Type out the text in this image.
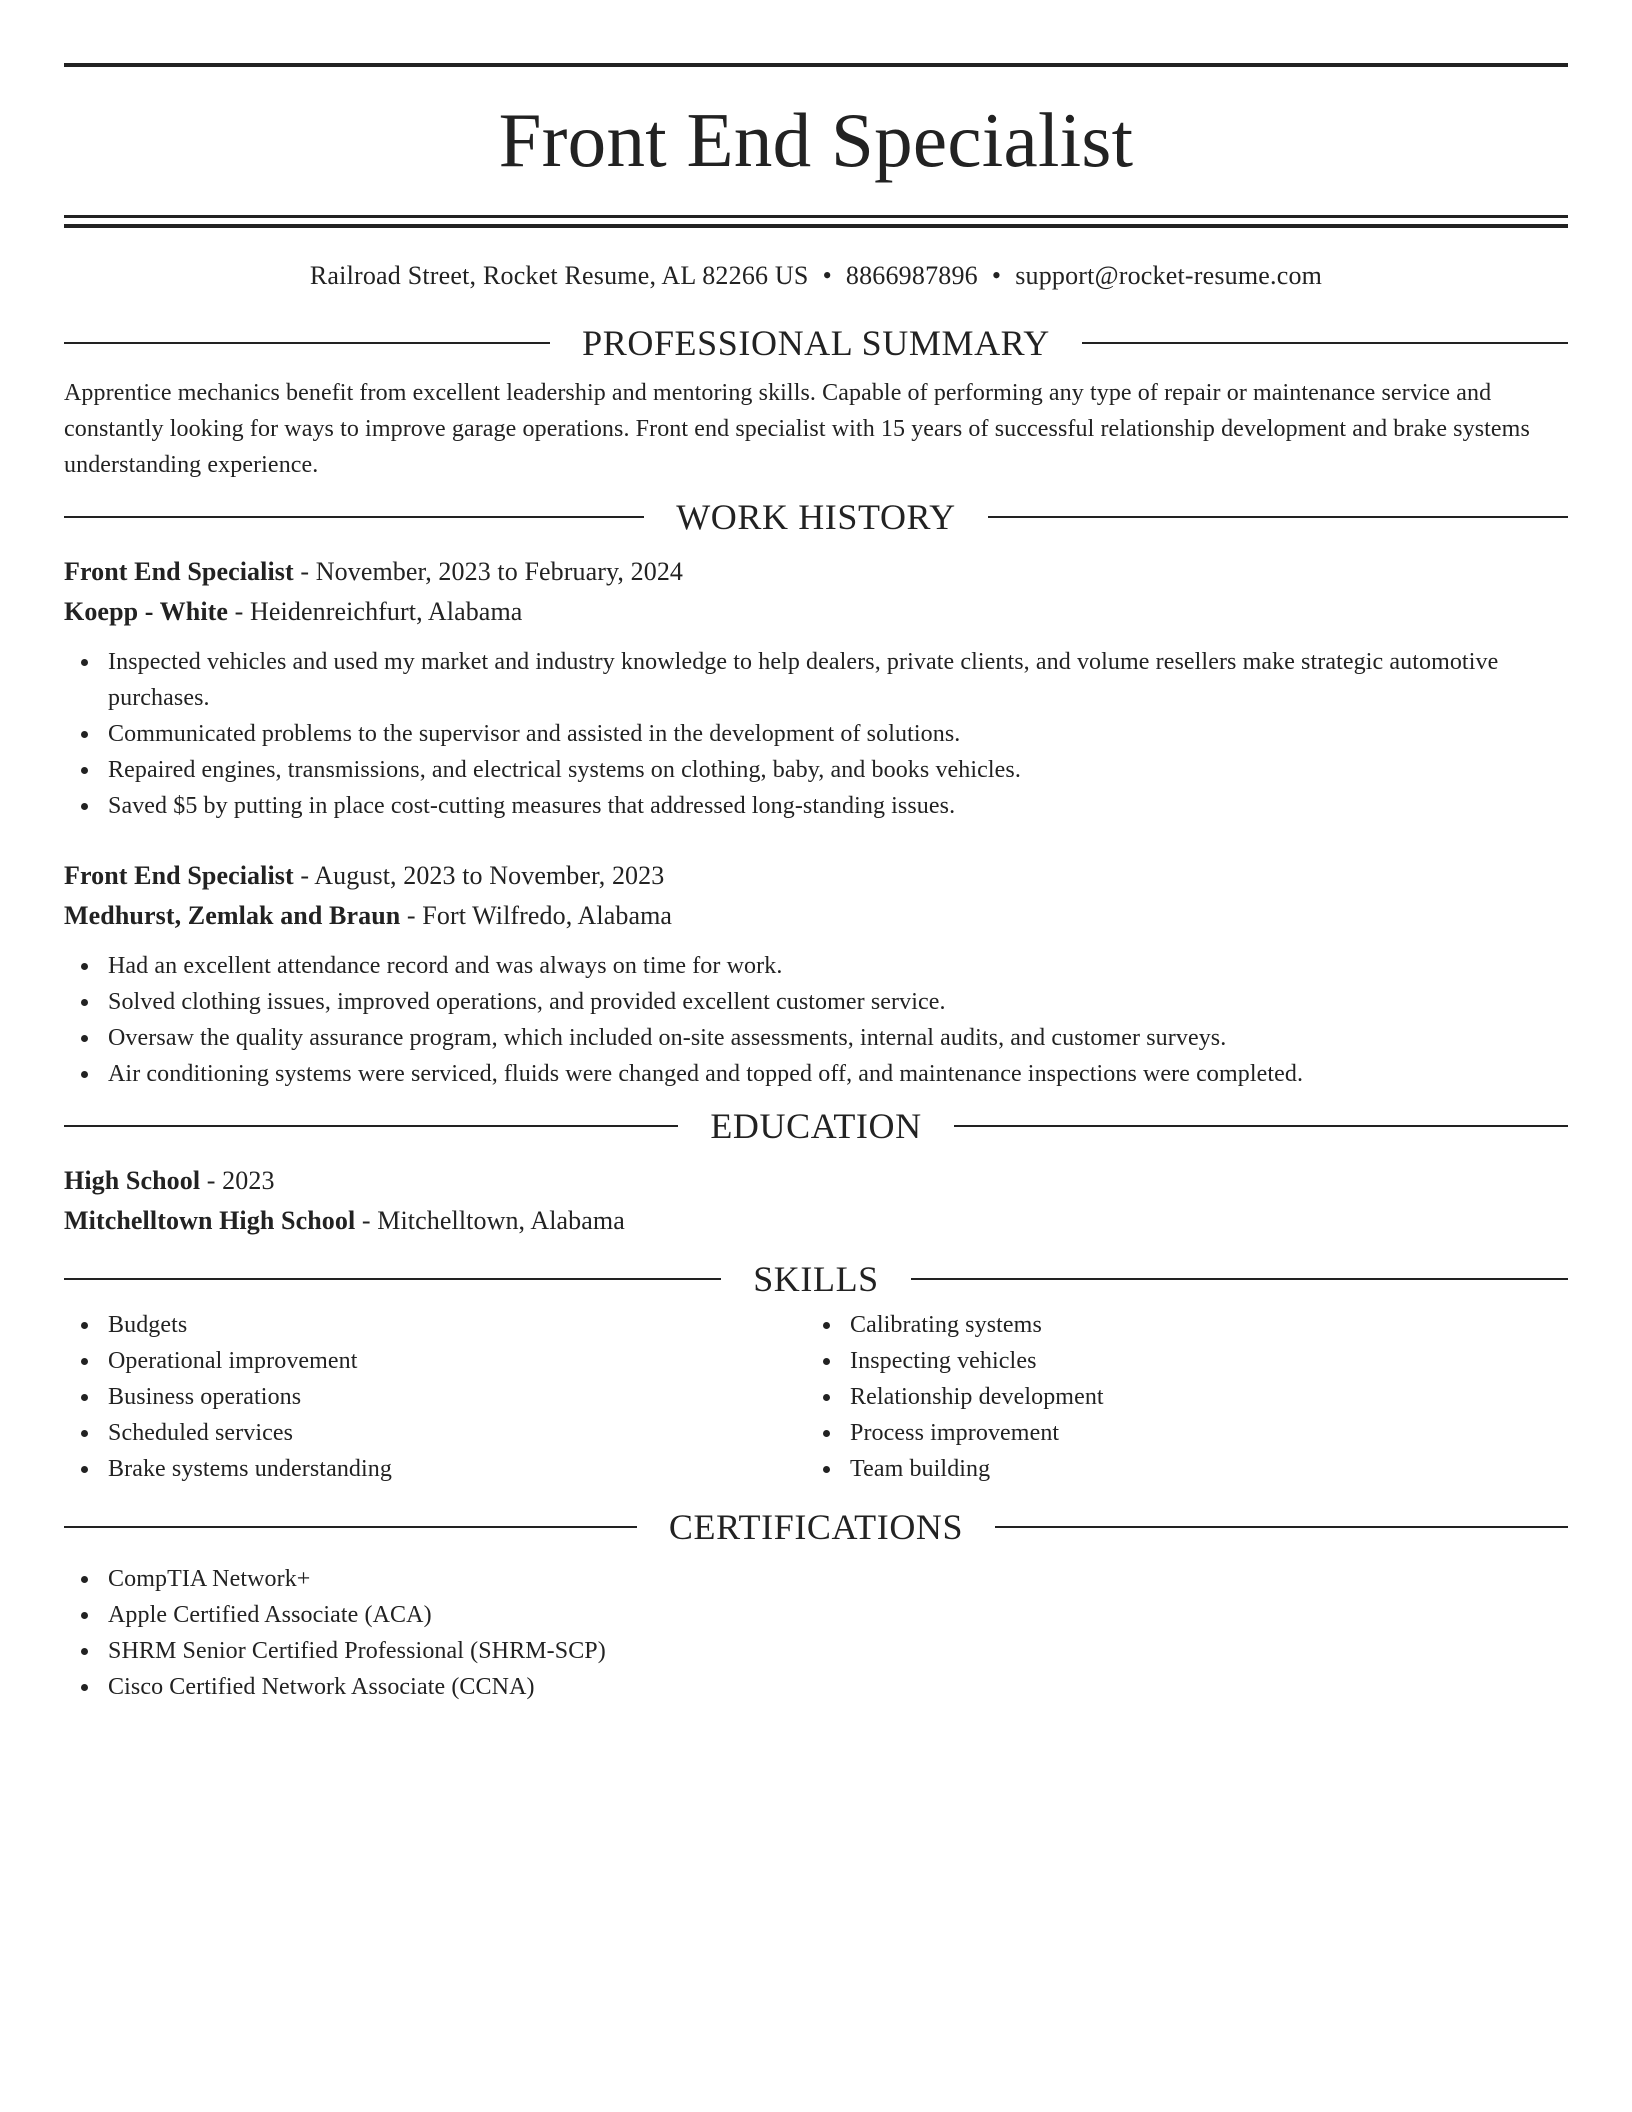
Front End Specialist
Railroad Street, Rocket Resume, AL 82266 US • 8866987896 • support@rocket-resume.com
PROFESSIONAL SUMMARY

Apprentice mechanics benefit from excellent leadership and mentoring skills. Capable of performing any type of repair or maintenance service and constantly looking for ways to improve garage operations. Front end specialist with 15 years of successful relationship development and brake systems understanding experience.

WORK HISTORY
Front End Specialist - November, 2023 to February, 2024
Koepp - White - Heidenreichfurt, Alabama
Inspected vehicles and used my market and industry knowledge to help dealers, private clients, and volume resellers make strategic automotive purchases.
Communicated problems to the supervisor and assisted in the development of solutions.
Repaired engines, transmissions, and electrical systems on clothing, baby, and books vehicles.
Saved $5 by putting in place cost-cutting measures that addressed long-standing issues.
Front End Specialist - August, 2023 to November, 2023
Medhurst, Zemlak and Braun - Fort Wilfredo, Alabama
Had an excellent attendance record and was always on time for work.
Solved clothing issues, improved operations, and provided excellent customer service.
Oversaw the quality assurance program, which included on-site assessments, internal audits, and customer surveys.
Air conditioning systems were serviced, fluids were changed and topped off, and maintenance inspections were completed.
EDUCATION
High School - 2023
Mitchelltown High School - Mitchelltown, Alabama
SKILLS
Budgets
Operational improvement
Business operations
Scheduled services
Brake systems understanding
Calibrating systems
Inspecting vehicles
Relationship development
Process improvement
Team building
CERTIFICATIONS
CompTIA Network+
Apple Certified Associate (ACA)
SHRM Senior Certified Professional (SHRM-SCP)
Cisco Certified Network Associate (CCNA)
